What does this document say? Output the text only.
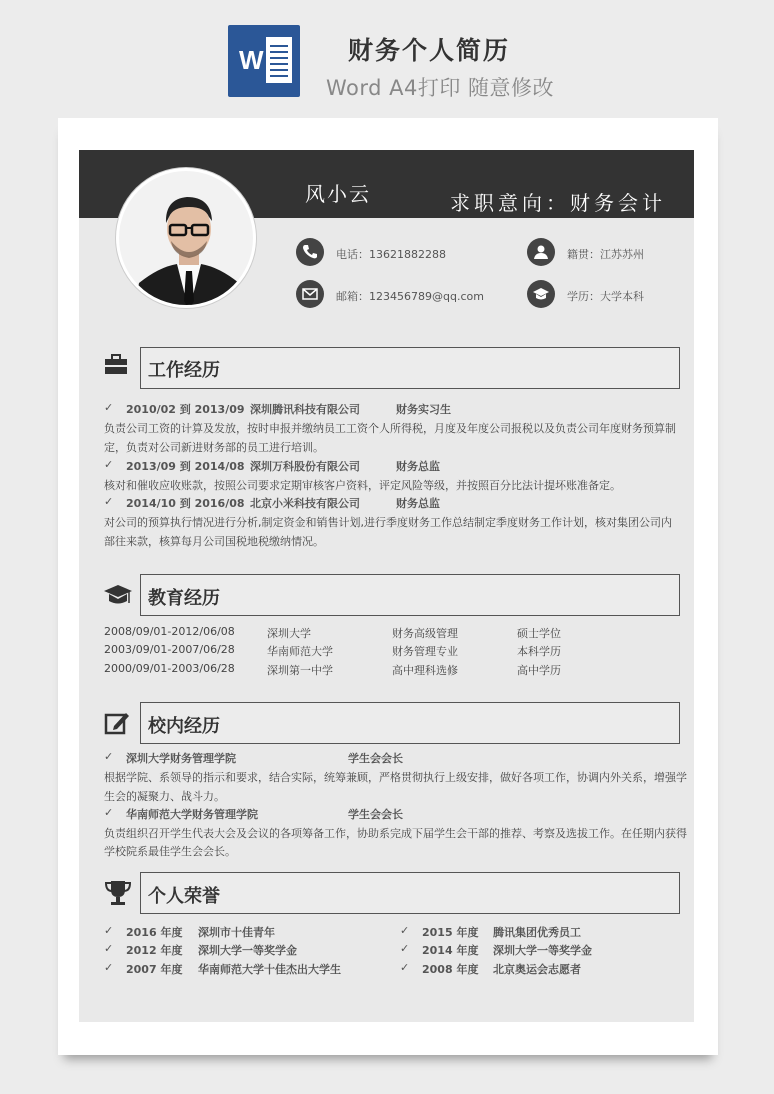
W	财务个人简历
Word A4打印 随意修改
风小云	求职意向：财务会计
电话：13621882288
邮箱：123456789@qq.com
籍贯：江苏苏州
学历：大学本科
工作经历
✓ 2010/02 到 2013/09 深圳腾讯科技有限公司	财务实习生
负责公司工资的计算及发放，按时申报并缴纳员工工资个人所得税，月度及年度公司报税以及负责公司年度财务预算制
定，负责对公司新进财务部的员工进行培训。
✓ 2013/09 到 2014/08 深圳万科股份有限公司	财务总监
核对和催收应收账款，按照公司要求定期审核客户资料，评定风险等级，并按照百分比法计提坏账准备定。
✓ 2014/10 到 2016/08 北京小米科技有限公司	财务总监
对公司的预算执行情况进行分析,制定资金和销售计划,进行季度财务工作总结制定季度财务工作计划，核对集团公司内
部往来款，核算每月公司国税地税缴纳情况。
教育经历
2008/09/01-2012/06/08	深圳大学	财务高级管理	硕士学位
2003/09/01-2007/06/28	华南师范大学	财务管理专业	本科学历
2000/09/01-2003/06/28	深圳第一中学	高中理科选修	高中学历
校内经历
✓ 深圳大学财务管理学院	学生会会长
根据学院、系领导的指示和要求，结合实际，统筹兼顾，严格贯彻执行上级安排，做好各项工作，协调内外关系，增强学
生会的凝聚力、战斗力。
✓ 华南师范大学财务管理学院	学生会会长
负责组织召开学生代表大会及会议的各项筹备工作，协助系完成下届学生会干部的推荐、考察及选拔工作。在任期内获得
学校院系最佳学生会会长。
个人荣誉
✓ 2016 年度 深圳市十佳青年
✓ 2012 年度 深圳大学一等奖学金
✓ 2007 年度 华南师范大学十佳杰出大学生
✓ 2015 年度 腾讯集团优秀员工
✓ 2014 年度 深圳大学一等奖学金
✓ 2008 年度 北京奥运会志愿者
